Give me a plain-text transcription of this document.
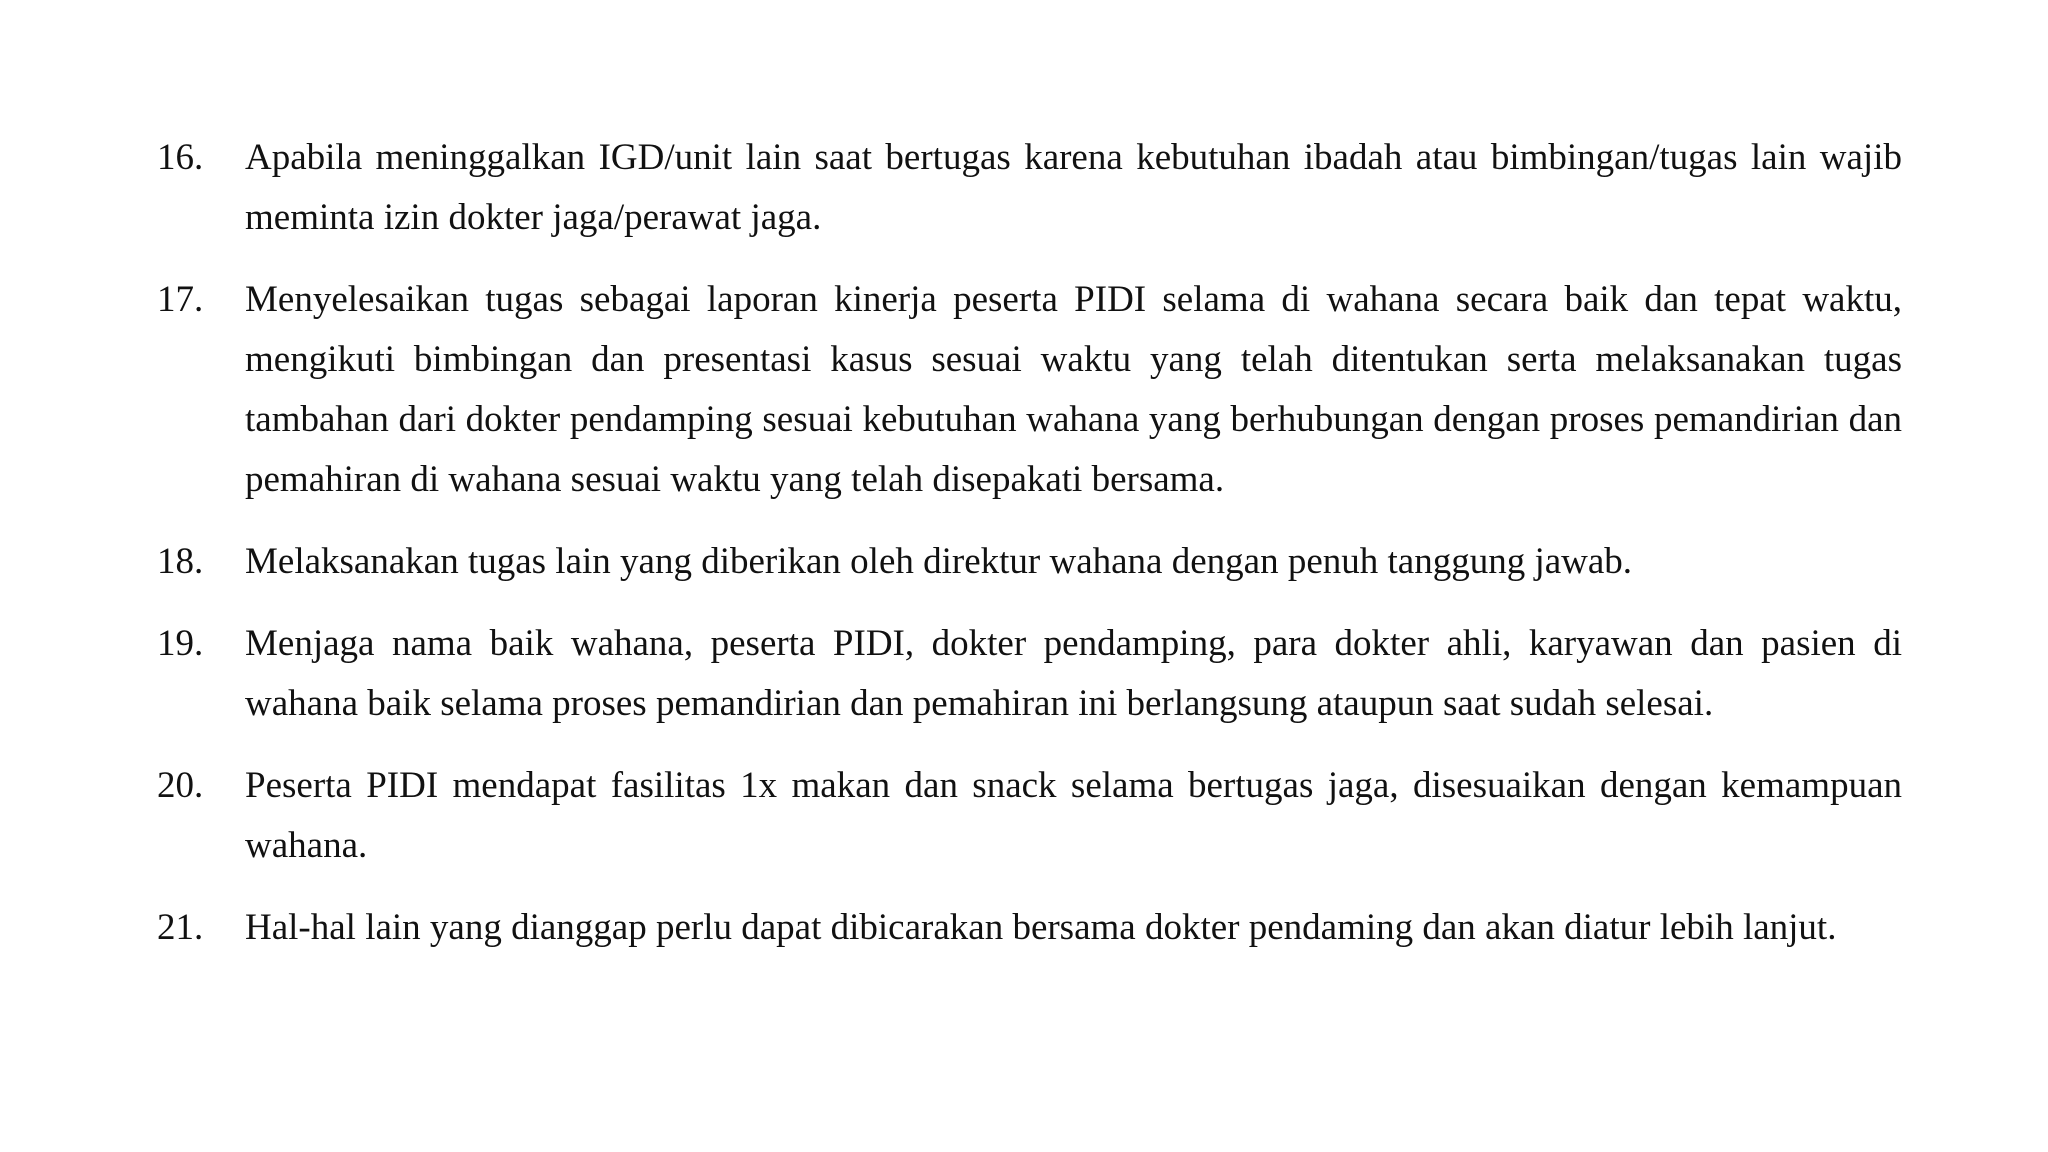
16.	Apabila meninggalkan IGD/unit lain saat bertugas karena kebutuhan ibadah atau bimbingan/tugas lain wajib meminta izin dokter jaga/perawat jaga.
17.	Menyelesaikan tugas sebagai laporan kinerja peserta PIDI selama di wahana secara baik dan tepat waktu, mengikuti bimbingan dan presentasi kasus sesuai waktu yang telah ditentukan serta melaksanakan tugas tambahan dari dokter pendamping sesuai kebutuhan wahana yang berhubungan dengan proses pemandirian dan pemahiran di wahana sesuai waktu yang telah disepakati bersama.
18.	Melaksanakan tugas lain yang diberikan oleh direktur wahana dengan penuh tanggung jawab.
19.	Menjaga nama baik wahana, peserta PIDI, dokter pendamping, para dokter ahli, karyawan dan pasien di wahana baik selama proses pemandirian dan pemahiran ini berlangsung ataupun saat sudah selesai.
20.	Peserta PIDI mendapat fasilitas 1x makan dan snack selama bertugas jaga, disesuaikan dengan kemampuan wahana.
21.	Hal-hal lain yang dianggap perlu dapat dibicarakan bersama dokter pendaming dan akan diatur lebih lanjut.
